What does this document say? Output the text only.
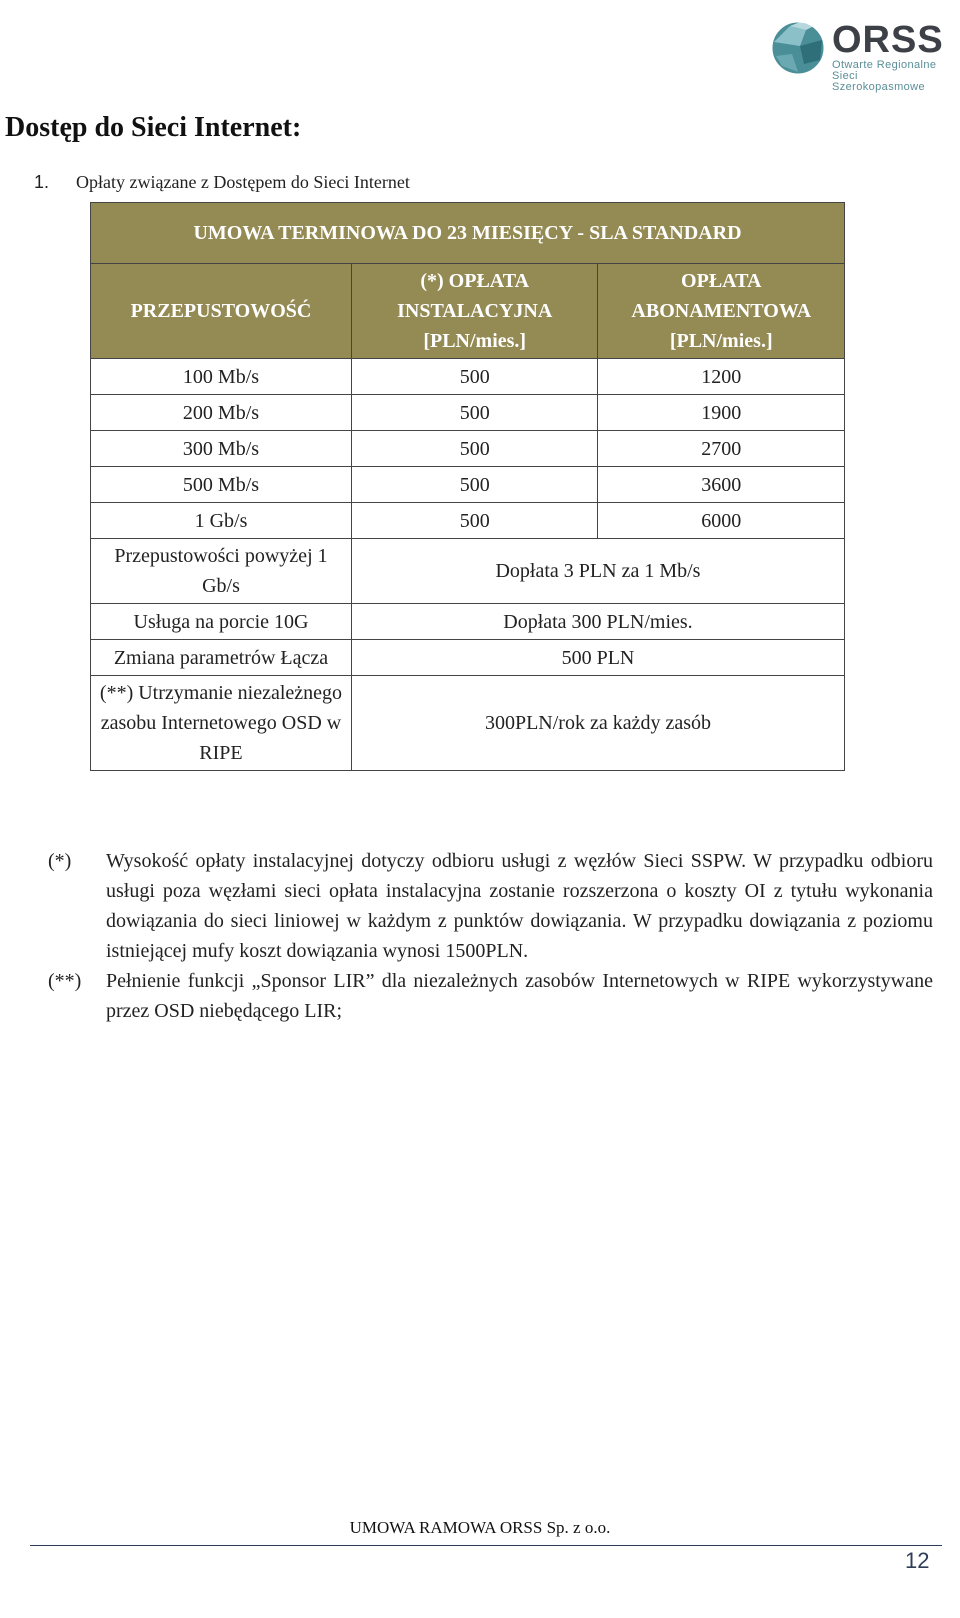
ORSS
Otwarte Regionalne
Sieci Szerokopasmowe
Dostęp do Sieci Internet:
1. Opłaty związane z Dostępem do Sieci Internet
UMOWA TERMINOWA DO 23 MIESIĘCY - SLA STANDARD		
PRZEPUSTOWOŚĆ	(*) OPŁATA INSTALACYJNA [PLN/mies.]	OPŁATA ABONAMENTOWA [PLN/mies.]
100 Mb/s	500	1200
200 Mb/s	500	1900
300 Mb/s	500	2700
500 Mb/s	500	3600
1 Gb/s	500	6000
Przepustowości powyżej 1 Gb/s	Dopłata 3 PLN za 1 Mb/s	
Usługa na porcie 10G	Dopłata 300 PLN/mies.	
Zmiana parametrów Łącza	500 PLN	
(**) Utrzymanie niezależnego zasobu Internetowego OSD w RIPE	300PLN/rok za każdy zasób	
(*)	Wysokość opłaty instalacyjnej dotyczy odbioru usługi z węzłów Sieci SSPW. W przypadku odbioru usługi poza węzłami sieci opłata instalacyjna zostanie rozszerzona o koszty OI z tytułu wykonania dowiązania do sieci liniowej w każdym z punktów dowiązania. W przypadku dowiązania z poziomu istniejącej mufy koszt dowiązania wynosi 1500PLN.
(**)	Pełnienie funkcji „Sponsor LIR” dla niezależnych zasobów Internetowych w RIPE wykorzystywane przez OSD niebędącego LIR;
UMOWA RAMOWA ORSS Sp. z o.o.
12
